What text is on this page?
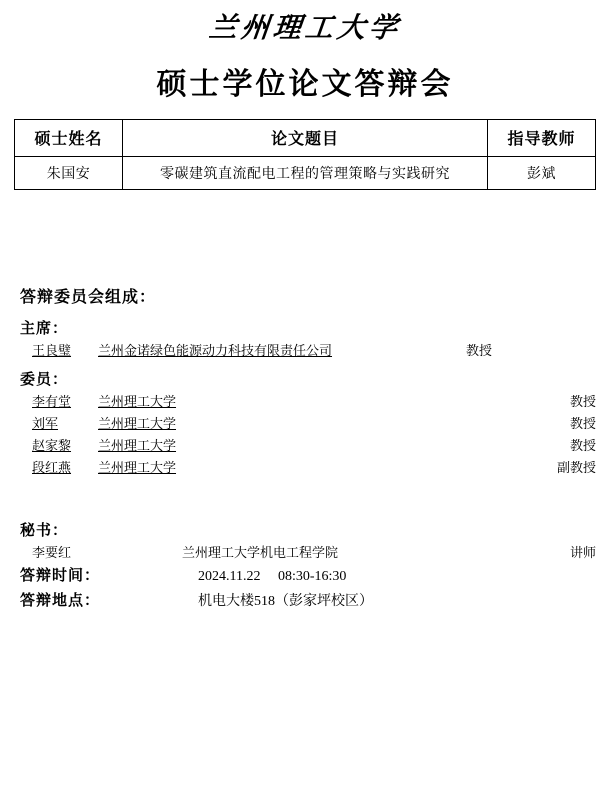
兰州理工大学
硕士学位论文答辩会
硕士姓名	论文题目	指导教师
朱国安	零碳建筑直流配电工程的管理策略与实践研究	彭斌
答辩委员会组成：
主席：
王良璧	兰州金诺绿色能源动力科技有限责任公司	教授
委员：
李有堂	兰州理工大学	教授
刘军	兰州理工大学	教授
赵家黎	兰州理工大学	教授
段红燕	兰州理工大学	副教授
秘书：
李要红	兰州理工大学机电工程学院	讲师
答辩时间：	2024.11.22     08:30-16:30
答辩地点：	机电大楼518（彭家坪校区）
